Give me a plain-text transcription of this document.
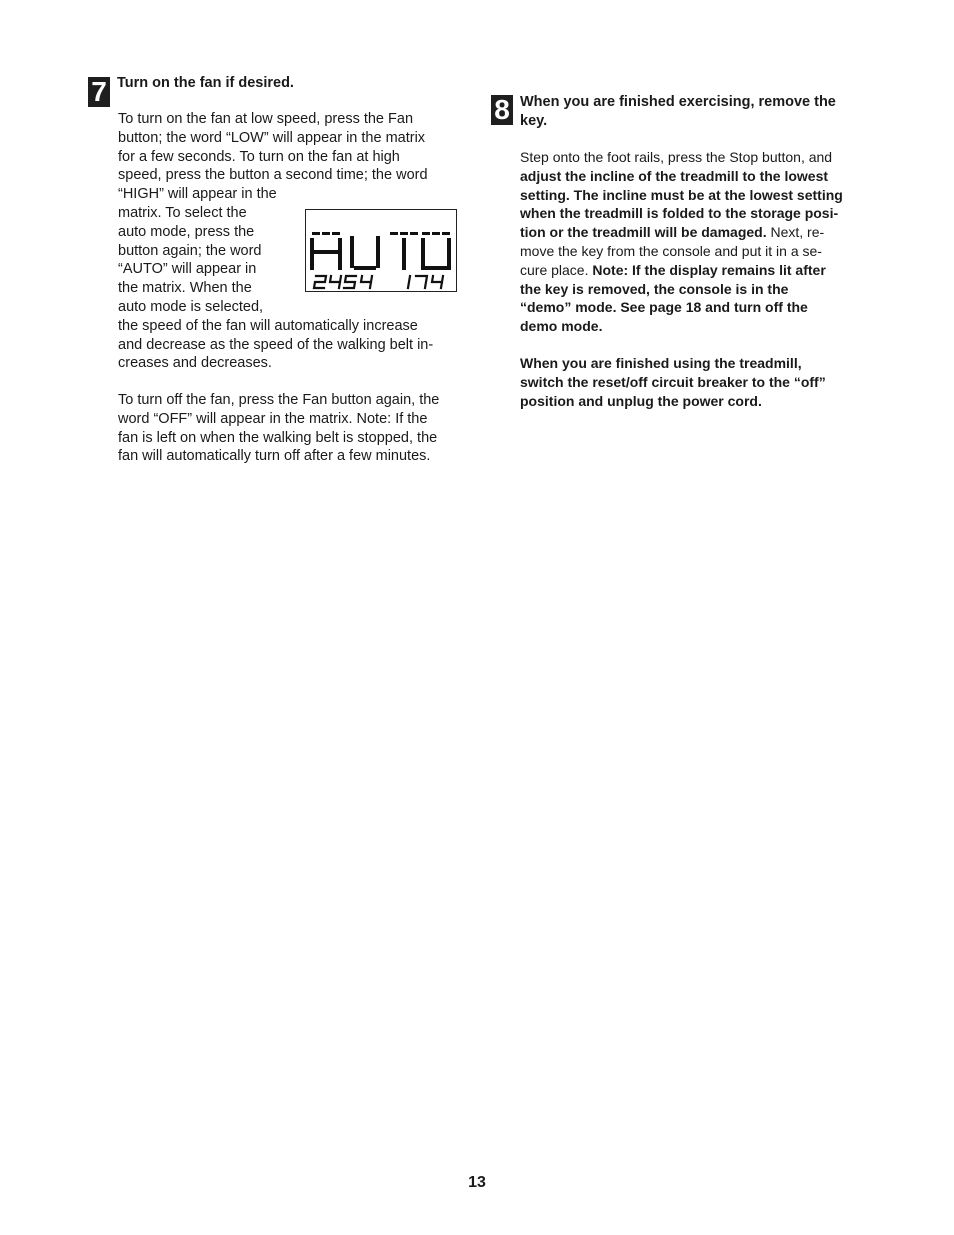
7 Turn on the fan if desired.
To turn on the fan at low speed, press the Fan
button; the word “LOW” will appear in the matrix
for a few seconds. To turn on the fan at high
speed, press the button a second time; the word
“HIGH” will appear in the
matrix. To select the
auto mode, press the
button again; the word
“AUTO” will appear in
the matrix. When the
auto mode is selected,
the speed of the fan will automatically increase
and decrease as the speed of the walking belt in-
creases and decreases.
To turn off the fan, press the Fan button again, the
word “OFF” will appear in the matrix. Note: If the
fan is left on when the walking belt is stopped, the
fan will automatically turn off after a few minutes.
8 When you are finished exercising, remove the
key.
Step onto the foot rails, press the Stop button, and
adjust the incline of the treadmill to the lowest
setting. The incline must be at the lowest setting
when the treadmill is folded to the storage posi-
tion or the treadmill will be damaged. Next, re-
move the key from the console and put it in a se-
cure place. Note: If the display remains lit after
the key is removed, the console is in the
“demo” mode. See page 18 and turn off the
demo mode.
When you are finished using the treadmill,
switch the reset/off circuit breaker to the “off”
position and unplug the power cord.
13
